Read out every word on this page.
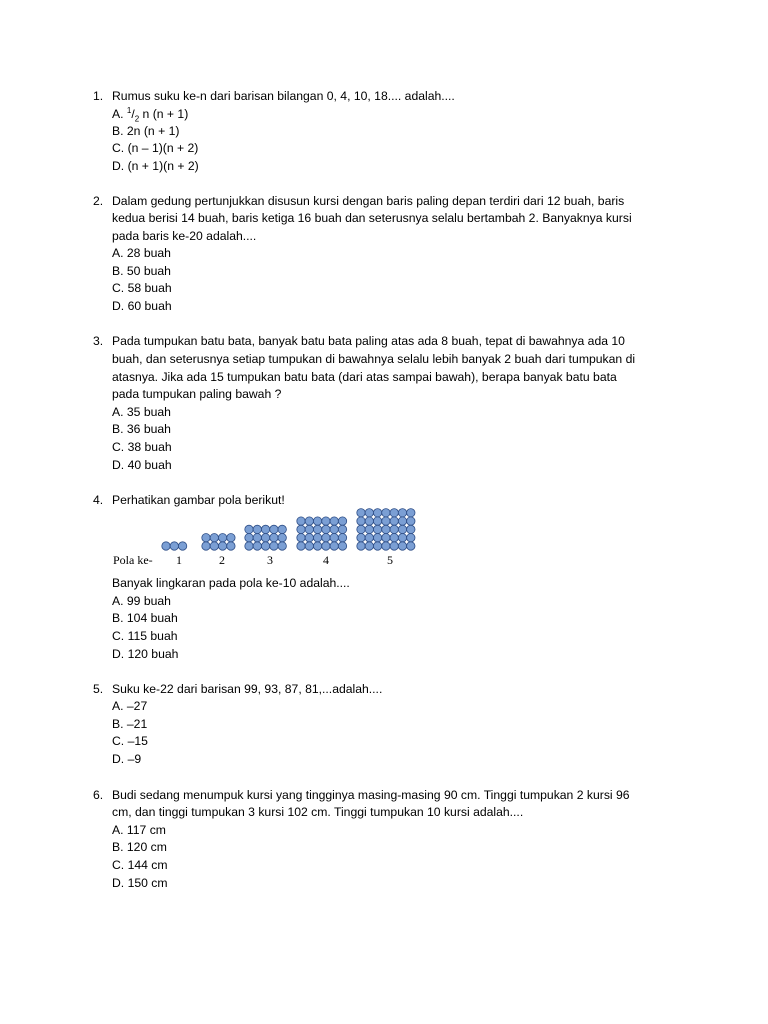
1. Rumus suku ke-n dari barisan bilangan 0, 4, 10, 18.... adalah....
A. $^1/_2$ n (n + 1)
B. 2n (n + 1)
C. (n – 1)(n + 2)
D. (n + 1)(n + 2)
2. Dalam gedung pertunjukkan disusun kursi dengan baris paling depan terdiri dari 12 buah, baris
kedua berisi 14 buah, baris ketiga 16 buah dan seterusnya selalu bertambah 2. Banyaknya kursi
pada baris ke-20 adalah....
A. 28 buah
B. 50 buah
C. 58 buah
D. 60 buah
3. Pada tumpukan batu bata, banyak batu bata paling atas ada 8 buah, tepat di bawahnya ada 10
buah, dan seterusnya setiap tumpukan di bawahnya selalu lebih banyak 2 buah dari tumpukan di
atasnya. Jika ada 15 tumpukan batu bata (dari atas sampai bawah), berapa banyak batu bata
pada tumpukan paling bawah ?
A. 35 buah
B. 36 buah
C. 38 buah
D. 40 buah
4. Perhatikan gambar pola berikut!
Pola ke- 1	2	3	4	5
Banyak lingkaran pada pola ke-10 adalah....
A. 99 buah
B. 104 buah
C. 115 buah
D. 120 buah
5. Suku ke-22 dari barisan 99, 93, 87, 81,...adalah....
A. –27
B. –21
C. –15
D. –9
6. Budi sedang menumpuk kursi yang tingginya masing-masing 90 cm. Tinggi tumpukan 2 kursi 96
cm, dan tinggi tumpukan 3 kursi 102 cm. Tinggi tumpukan 10 kursi adalah....
A. 117 cm
B. 120 cm
C. 144 cm
D. 150 cm
